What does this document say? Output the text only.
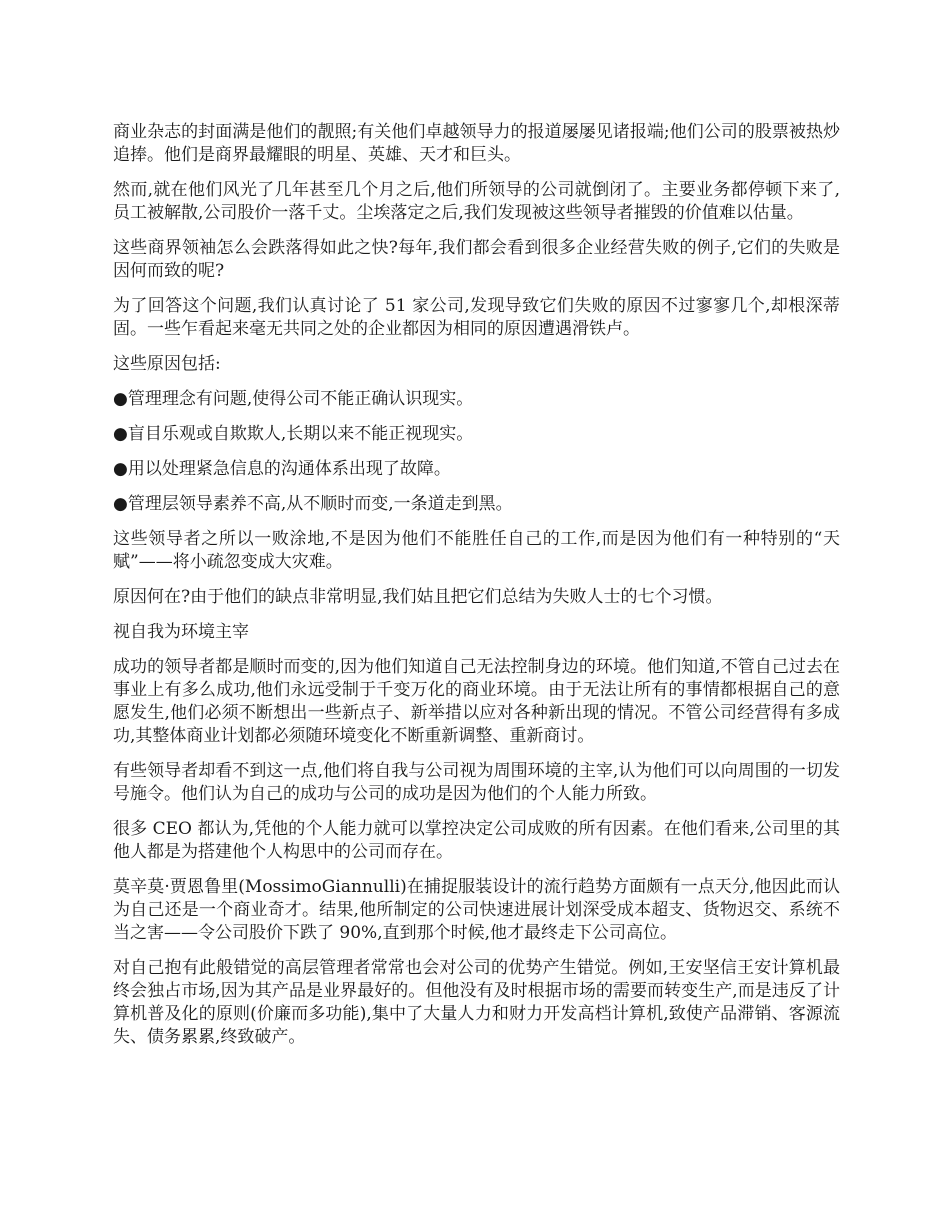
商业杂志的封面满是他们的靓照;有关他们卓越领导力的报道屡屡见诸报端;他们公司的股票被热炒追捧。他们是商界最耀眼的明星、英雄、天才和巨头。

然而,就在他们风光了几年甚至几个月之后,他们所领导的公司就倒闭了。主要业务都停顿下来了,员工被解散,公司股价一落千丈。尘埃落定之后,我们发现被这些领导者摧毁的价值难以估量。

这些商界领袖怎么会跌落得如此之快?每年,我们都会看到很多企业经营失败的例子,它们的失败是因何而致的呢?

为了回答这个问题,我们认真讨论了 51 家公司,发现导致它们失败的原因不过寥寥几个,却根深蒂固。一些乍看起来毫无共同之处的企业都因为相同的原因遭遇滑铁卢。

这些原因包括:

●管理理念有问题,使得公司不能正确认识现实。

●盲目乐观或自欺欺人,长期以来不能正视现实。

●用以处理紧急信息的沟通体系出现了故障。

●管理层领导素养不高,从不顺时而变,一条道走到黑。

这些领导者之所以一败涂地,不是因为他们不能胜任自己的工作,而是因为他们有一种特别的“天赋”——将小疏忽变成大灾难。

原因何在?由于他们的缺点非常明显,我们姑且把它们总结为失败人士的七个习惯。

视自我为环境主宰

成功的领导者都是顺时而变的,因为他们知道自己无法控制身边的环境。他们知道,不管自己过去在事业上有多么成功,他们永远受制于千变万化的商业环境。由于无法让所有的事情都根据自己的意愿发生,他们必须不断想出一些新点子、新举措以应对各种新出现的情况。不管公司经营得有多成功,其整体商业计划都必须随环境变化不断重新调整、重新商讨。

有些领导者却看不到这一点,他们将自我与公司视为周围环境的主宰,认为他们可以向周围的一切发号施令。他们认为自己的成功与公司的成功是因为他们的个人能力所致。

很多 CEO 都认为,凭他的个人能力就可以掌控决定公司成败的所有因素。在他们看来,公司里的其他人都是为搭建他个人构思中的公司而存在。

莫辛莫·贾恩鲁里(MossimoGiannulli)在捕捉服装设计的流行趋势方面颇有一点天分,他因此而认为自己还是一个商业奇才。结果,他所制定的公司快速进展计划深受成本超支、货物迟交、系统不当之害——令公司股价下跌了 90%,直到那个时候,他才最终走下公司高位。

对自己抱有此般错觉的高层管理者常常也会对公司的优势产生错觉。例如,王安坚信王安计算机最终会独占市场,因为其产品是业界最好的。但他没有及时根据市场的需要而转变生产,而是违反了计算机普及化的原则(价廉而多功能),集中了大量人力和财力开发高档计算机,致使产品滞销、客源流失、债务累累,终致破产。
